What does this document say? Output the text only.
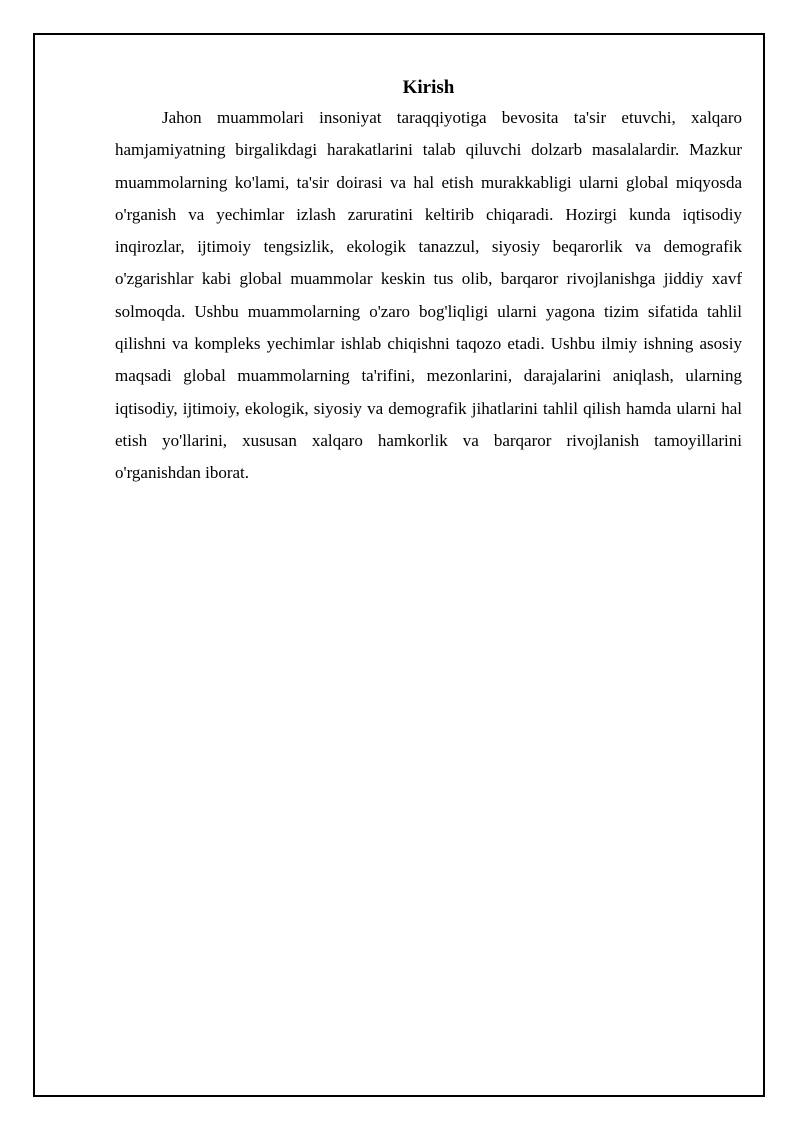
Kirish

Jahon muammolari insoniyat taraqqiyotiga bevosita ta'sir etuvchi, xalqaro hamjamiyatning birgalikdagi harakatlarini talab qiluvchi dolzarb masalalardir. Mazkur muammolarning ko'lami, ta'sir doirasi va hal etish murakkabligi ularni global miqyosda o'rganish va yechimlar izlash zaruratini keltirib chiqaradi. Hozirgi kunda iqtisodiy inqirozlar, ijtimoiy tengsizlik, ekologik tanazzul, siyosiy beqarorlik va demografik o'zgarishlar kabi global muammolar keskin tus olib, barqaror rivojlanishga jiddiy xavf solmoqda. Ushbu muammolarning o'zaro bog'liqligi ularni yagona tizim sifatida tahlil qilishni va kompleks yechimlar ishlab chiqishni taqozo etadi. Ushbu ilmiy ishning asosiy maqsadi global muammolarning ta'rifini, mezonlarini, darajalarini aniqlash, ularning iqtisodiy, ijtimoiy, ekologik, siyosiy va demografik jihatlarini tahlil qilish hamda ularni hal etish yo'llarini, xususan xalqaro hamkorlik va barqaror rivojlanish tamoyillarini o'rganishdan iborat.
